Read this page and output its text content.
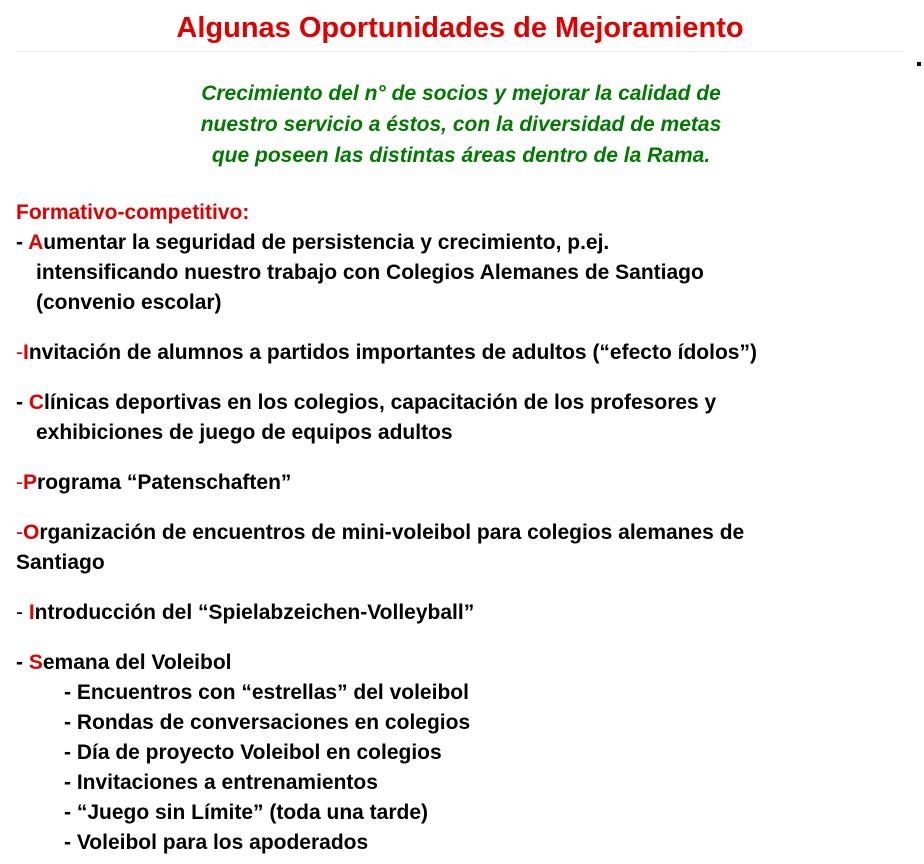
Algunas Oportunidades de Mejoramiento
Crecimiento del n° de socios y mejorar la calidad de
nuestro servicio a éstos, con la diversidad de metas
que poseen las distintas áreas dentro de la Rama.
Formativo-competitivo:
- Aumentar la seguridad de persistencia y crecimiento, p.ej.
intensificando nuestro trabajo con Colegios Alemanes de Santiago
(convenio escolar)
-Invitación de alumnos a partidos importantes de adultos (“efecto ídolos”)
- Clínicas deportivas en los colegios, capacitación de los profesores y
exhibiciones de juego de equipos adultos
-Programa “Patenschaften”
-Organización de encuentros de mini-voleibol para colegios alemanes de
Santiago
- Introducción del “Spielabzeichen-Volleyball”
- Semana del Voleibol
- Encuentros con “estrellas” del voleibol
- Rondas de conversaciones en colegios
- Día de proyecto Voleibol en colegios
- Invitaciones a entrenamientos
- “Juego sin Límite” (toda una tarde)
- Voleibol para los apoderados
